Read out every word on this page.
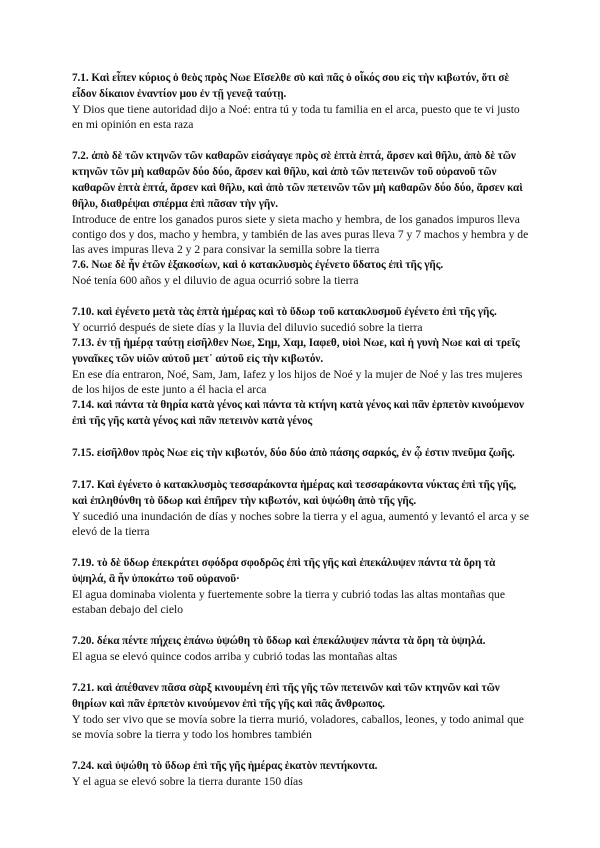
7.1. Καὶ εἶπεν κύριος ὁ θεὸς πρὸς Νωε Εἴσελθε σὺ καὶ πᾶς ὁ οἶκός σου εἰς τὴν κιβωτόν, ὅτι σὲ εἶδον δίκαιον ἐναντίον μου ἐν τῇ γενεᾷ ταύτῃ.

Y Dios que tiene autoridad dijo a Noé: entra tú y toda tu familia en el arca, puesto que te vi justo en mi opinión en esta raza

7.2. ἀπὸ δὲ τῶν κτηνῶν τῶν καθαρῶν εἰσάγαγε πρὸς σὲ ἑπτὰ ἑπτά, ἄρσεν καὶ θῆλυ, ἀπὸ δὲ τῶν κτηνῶν τῶν μὴ καθαρῶν δύο δύο, ἄρσεν καὶ θῆλυ, καὶ ἀπὸ τῶν πετεινῶν τοῦ οὐρανοῦ τῶν καθαρῶν ἑπτὰ ἑπτά, ἄρσεν καὶ θῆλυ, καὶ ἀπὸ τῶν πετεινῶν τῶν μὴ καθαρῶν δύο δύο, ἄρσεν καὶ θῆλυ, διαθρέψαι σπέρμα ἐπὶ πᾶσαν τὴν γῆν.

Introduce de entre los ganados puros siete y sieta macho y hembra, de los ganados impuros lleva contigo dos y dos, macho y hembra, y también de las aves puras lleva 7 y 7 machos y hembra y de las aves impuras lleva 2 y 2 para consivar la semilla sobre la tierra

7.6. Νωε δὲ ἦν ἐτῶν ἑξακοσίων, καὶ ὁ κατακλυσμὸς ἐγένετο ὕδατος ἐπὶ τῆς γῆς.

Noé tenía 600 años y el diluvio de agua ocurrió sobre la tierra

7.10. καὶ ἐγένετο μετὰ τὰς ἑπτὰ ἡμέρας καὶ τὸ ὕδωρ τοῦ κατακλυσμοῦ ἐγένετο ἐπὶ τῆς γῆς.

Y ocurrió después de siete días y la lluvia del diluvio sucedió sobre la tierra

7.13. ἐν τῇ ἡμέρᾳ ταύτῃ εἰσῆλθεν Νωε, Σημ, Χαμ, Ιαφεθ, υἱοὶ Νωε, καὶ ἡ γυνὴ Νωε καὶ αἱ τρεῖς γυναῖκες τῶν υἱῶν αὐτοῦ μετ᾽ αὐτοῦ εἰς τὴν κιβωτόν.

En ese día entraron, Noé, Sam, Jam, Iafez y los hijos de Noé y la mujer de Noé y las tres mujeres de los hijos de este junto a él hacia el arca

7.14. καὶ πάντα τὰ θηρία κατὰ γένος καὶ πάντα τὰ κτήνη κατὰ γένος καὶ πᾶν ἑρπετὸν κινούμενον ἐπὶ τῆς γῆς κατὰ γένος καὶ πᾶν πετεινὸν κατὰ γένος

7.15. εἰσῆλθον πρὸς Νωε εἰς τὴν κιβωτόν, δύο δύο ἀπὸ πάσης σαρκός, ἐν ᾧ ἐστιν πνεῦμα ζωῆς.

7.17. Καὶ ἐγένετο ὁ κατακλυσμὸς τεσσαράκοντα ἡμέρας καὶ τεσσαράκοντα νύκτας ἐπὶ τῆς γῆς, καὶ ἐπληθύνθη τὸ ὕδωρ καὶ ἐπῆρεν τὴν κιβωτόν, καὶ ὑψώθη ἀπὸ τῆς γῆς.

Y sucedió una inundación de días y noches sobre la tierra y el agua, aumentó y levantó el arca y se elevó de la tierra

7.19. τὸ δὲ ὕδωρ ἐπεκράτει σφόδρα σφοδρῶς ἐπὶ τῆς γῆς καὶ ἐπεκάλυψεν πάντα τὰ ὄρη τὰ ὑψηλά, ἃ ἦν ὑποκάτω τοῦ οὐρανοῦ·

El agua dominaba violenta y fuertemente sobre la tierra y cubrió todas las altas montañas que estaban debajo del cielo

7.20. δέκα πέντε πήχεις ἐπάνω ὑψώθη τὸ ὕδωρ καὶ ἐπεκάλυψεν πάντα τὰ ὄρη τὰ ὑψηλά.

El agua se elevó quince codos arriba y cubrió todas las montañas altas

7.21. καὶ ἀπέθανεν πᾶσα σὰρξ κινουμένη ἐπὶ τῆς γῆς τῶν πετεινῶν καὶ τῶν κτηνῶν καὶ τῶν θηρίων καὶ πᾶν ἑρπετὸν κινούμενον ἐπὶ τῆς γῆς καὶ πᾶς ἄνθρωπος.

Y todo ser vivo que se movía sobre la tierra murió, voladores, caballos, leones, y todo animal que se movía sobre la tierra y todo los hombres también

7.24. καὶ ὑψώθη τὸ ὕδωρ ἐπὶ τῆς γῆς ἡμέρας ἑκατὸν πεντήκοντα.

Y el agua se elevó sobre la tierra durante 150 días
